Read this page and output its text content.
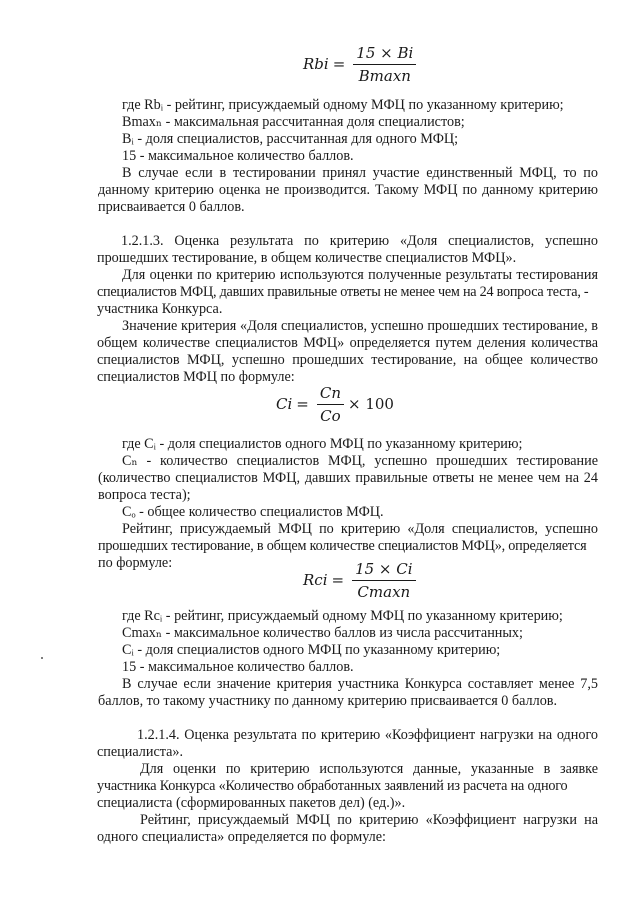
Rbi = $\frac{15 \times Bi}{Bmaxn}$

где Rbᵢ - рейтинг, присуждаемый одному МФЦ по указанному критерию;

Bmaxₙ - максимальная рассчитанная доля специалистов;

Bᵢ - доля специалистов, рассчитанная для одного МФЦ;

15 - максимальное количество баллов.

В случае если в тестировании принял участие единственный МФЦ, то по

данному критерию оценка не производится. Такому МФЦ по данному критерию

присваивается 0 баллов.

1.2.1.3. Оценка результата по критерию «Доля специалистов, успешно

прошедших тестирование, в общем количестве специалистов МФЦ».

Для оценки по критерию используются полученные результаты тестирования

специалистов МФЦ, давших правильные ответы не менее чем на 24 вопроса теста, -

участника Конкурса.

Значение критерия «Доля специалистов, успешно прошедших тестирование, в

общем количестве специалистов МФЦ» определяется путем деления количества

специалистов МФЦ, успешно прошедших тестирование, на общее количество

специалистов МФЦ по формуле:

$Ci = \frac{Cn}{Co} \times 100$

где Cᵢ - доля специалистов одного МФЦ по указанному критерию;

Cₙ - количество специалистов МФЦ, успешно прошедших тестирование

(количество специалистов МФЦ, давших правильные ответы не менее чем на 24

вопроса теста);

Cₒ - общее количество специалистов МФЦ.

Рейтинг, присуждаемый МФЦ по критерию «Доля специалистов, успешно

прошедших тестирование, в общем количестве специалистов МФЦ», определяется

по формуле:

Rci = $\frac{15 \times Ci}{Cmaxn}$

где Rcᵢ - рейтинг, присуждаемый одному МФЦ по указанному критерию;

Cmaxₙ - максимальное количество баллов из числа рассчитанных;

Cᵢ - доля специалистов одного МФЦ по указанному критерию;

15 - максимальное количество баллов.

В случае если значение критерия участника Конкурса составляет менее 7,5

баллов, то такому участнику по данному критерию присваивается 0 баллов.

1.2.1.4. Оценка результата по критерию «Коэффициент нагрузки на одного

специалиста».

Для оценки по критерию используются данные, указанные в заявке

участника Конкурса «Количество обработанных заявлений из расчета на одного

специалиста (сформированных пакетов дел) (ед.)».

Рейтинг, присуждаемый МФЦ по критерию «Коэффициент нагрузки на

одного специалиста» определяется по формуле:
